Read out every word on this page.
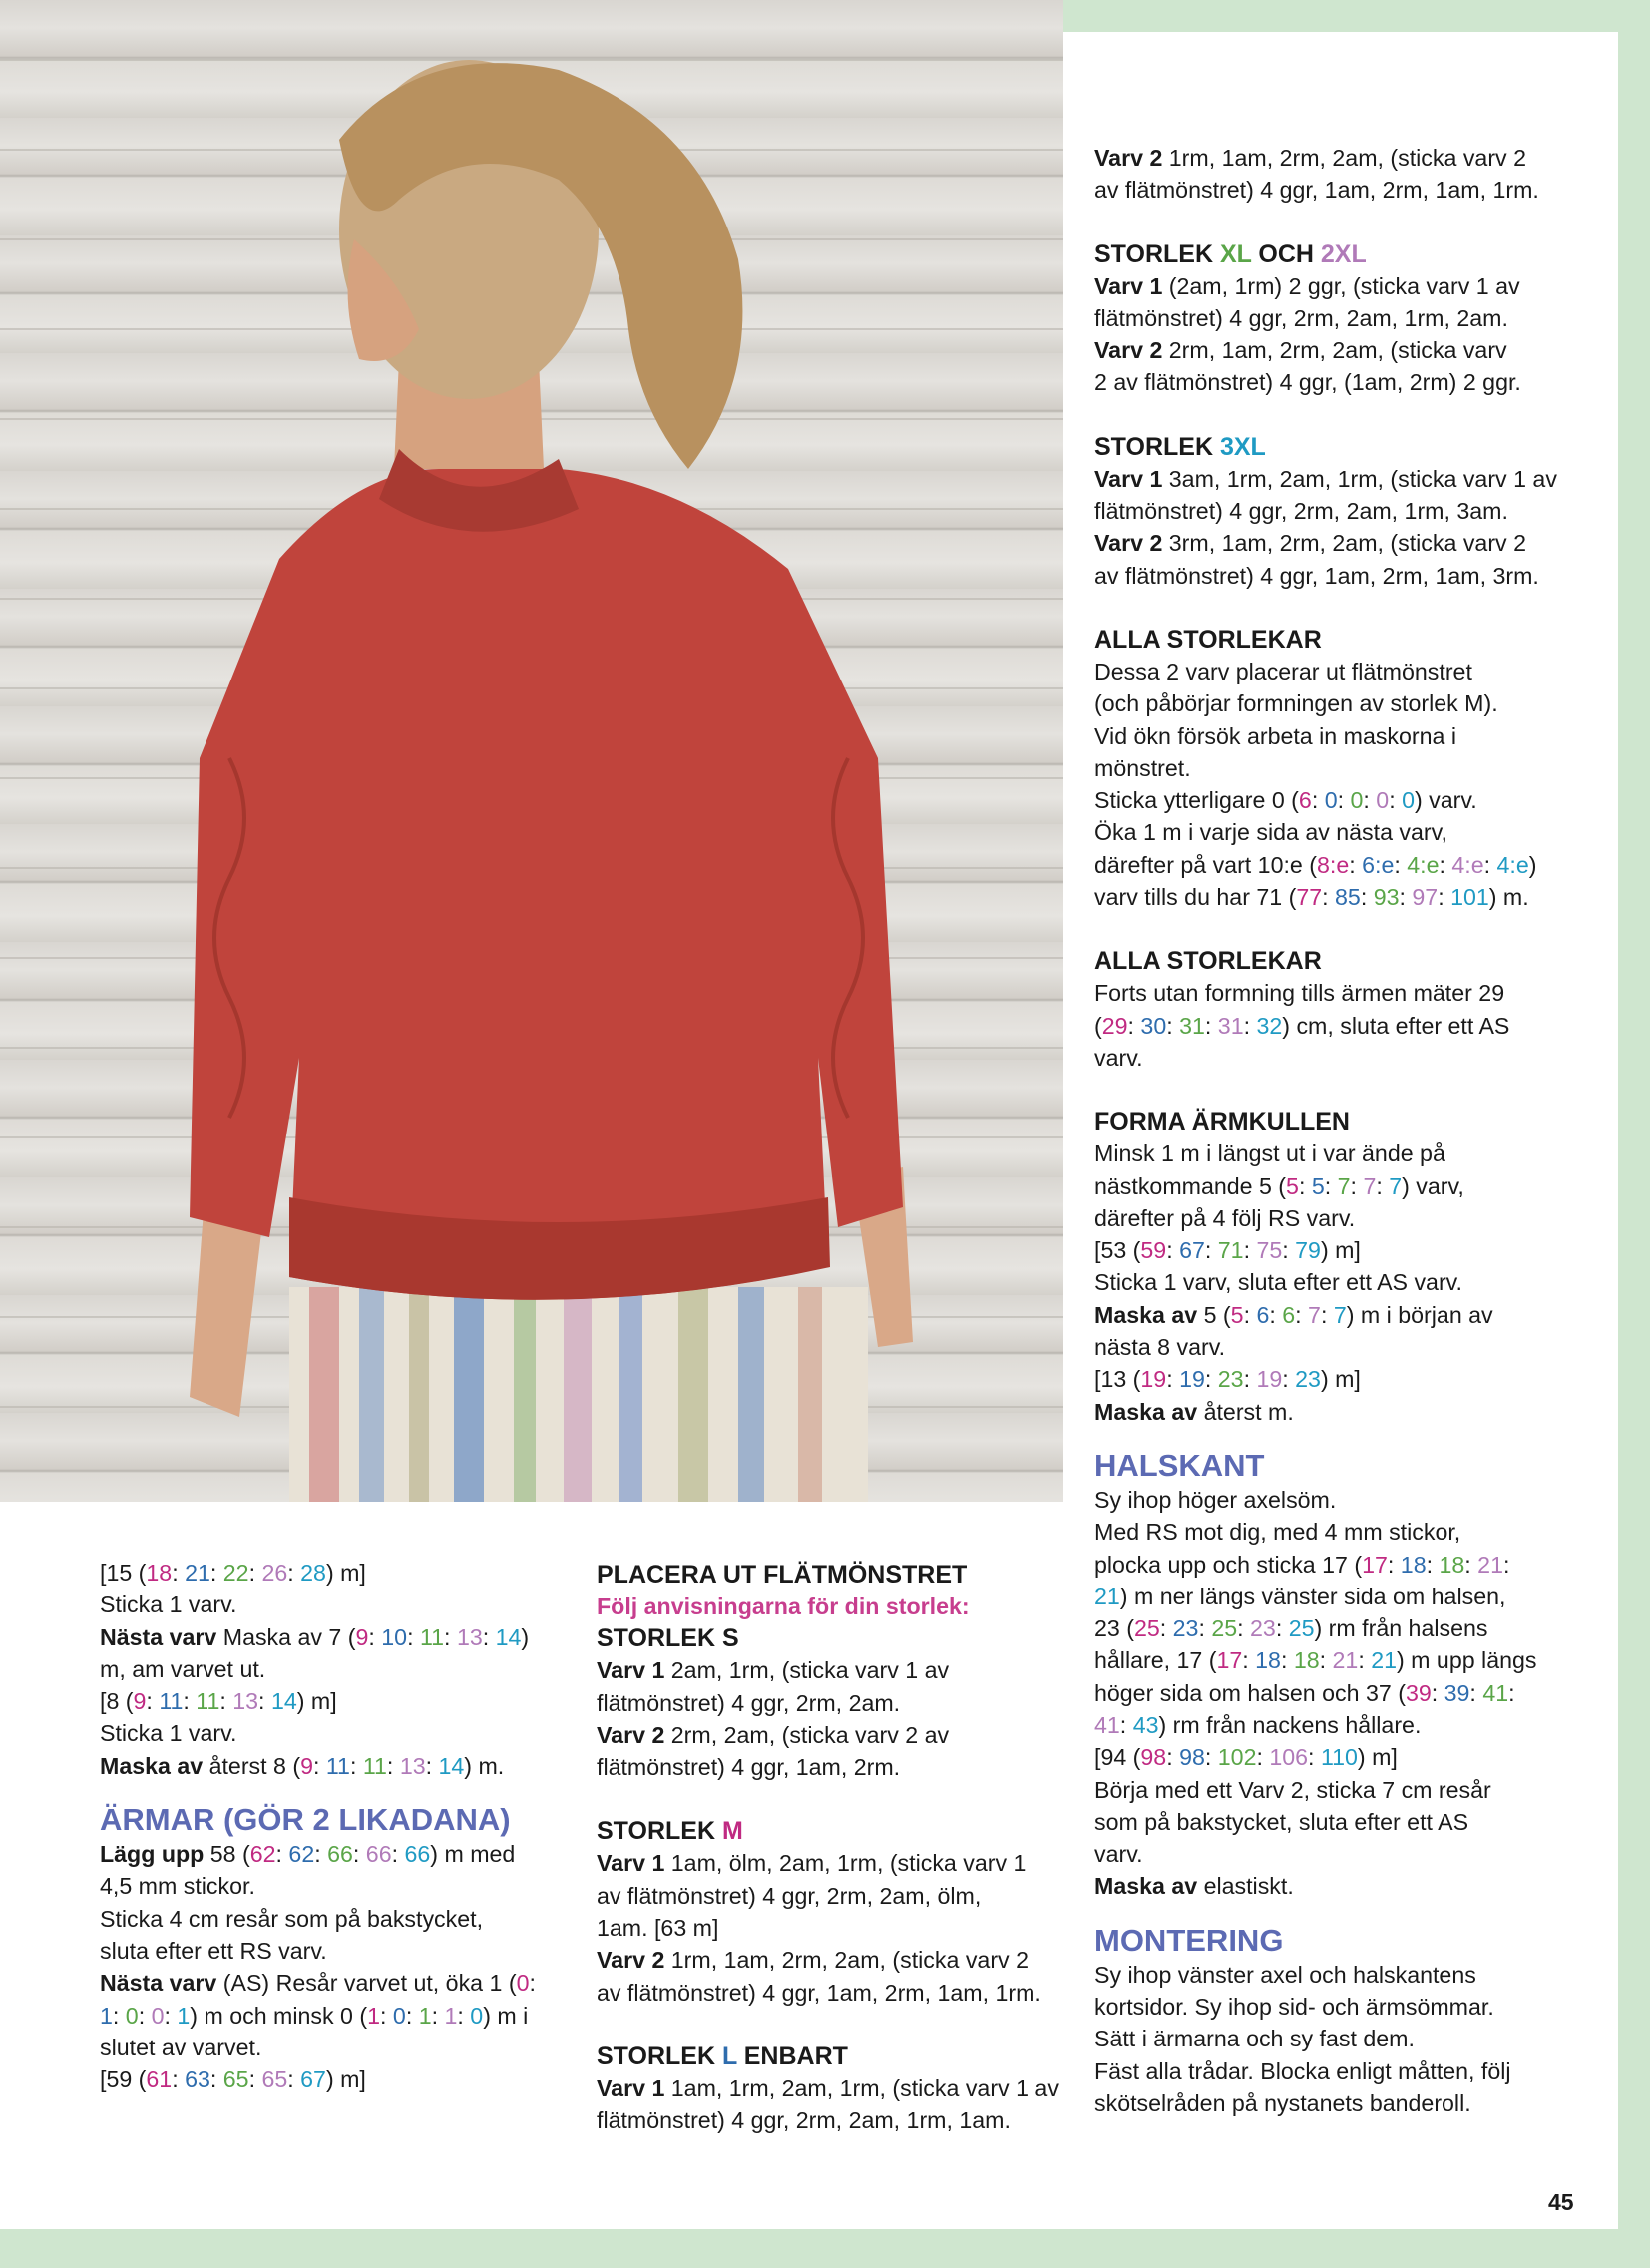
[15 (18: 21: 22: 26: 28) m]

Sticka 1 varv.

Nästa varv Maska av 7 (9: 10: 11: 13: 14)

m, am varvet ut.

[8 (9: 11: 11: 13: 14) m]

Sticka 1 varv.

Maska av återst 8 (9: 11: 11: 13: 14) m.

ÄRMAR (GÖR 2 LIKADANA)

Lägg upp 58 (62: 62: 66: 66: 66) m med

4,5 mm stickor.

Sticka 4 cm resår som på bakstycket,

sluta efter ett RS varv.

Nästa varv (AS) Resår varvet ut, öka 1 (0:

1: 0: 0: 1) m och minsk 0 (1: 0: 1: 1: 0) m i

slutet av varvet.

[59 (61: 63: 65: 65: 67) m]

PLACERA UT FLÄTMÖNSTRET

Följ anvisningarna för din storlek:

STORLEK S

Varv 1 2am, 1rm, (sticka varv 1 av

flätmönstret) 4 ggr, 2rm, 2am.

Varv 2 2rm, 2am, (sticka varv 2 av

flätmönstret) 4 ggr, 1am, 2rm.

STORLEK M

Varv 1 1am, ölm, 2am, 1rm, (sticka varv 1

av flätmönstret) 4 ggr, 2rm, 2am, ölm,

1am. [63 m]

Varv 2 1rm, 1am, 2rm, 2am, (sticka varv 2

av flätmönstret) 4 ggr, 1am, 2rm, 1am, 1rm.

STORLEK L ENBART

Varv 1 1am, 1rm, 2am, 1rm, (sticka varv 1 av

flätmönstret) 4 ggr, 2rm, 2am, 1rm, 1am.

Varv 2 1rm, 1am, 2rm, 2am, (sticka varv 2

av flätmönstret) 4 ggr, 1am, 2rm, 1am, 1rm.

STORLEK XL OCH 2XL

Varv 1 (2am, 1rm) 2 ggr, (sticka varv 1 av

flätmönstret) 4 ggr, 2rm, 2am, 1rm, 2am.

Varv 2 2rm, 1am, 2rm, 2am, (sticka varv

2 av flätmönstret) 4 ggr, (1am, 2rm) 2 ggr.

STORLEK 3XL

Varv 1 3am, 1rm, 2am, 1rm, (sticka varv 1 av

flätmönstret) 4 ggr, 2rm, 2am, 1rm, 3am.

Varv 2 3rm, 1am, 2rm, 2am, (sticka varv 2

av flätmönstret) 4 ggr, 1am, 2rm, 1am, 3rm.

ALLA STORLEKAR

Dessa 2 varv placerar ut flätmönstret

(och påbörjar formningen av storlek M).

Vid ökn försök arbeta in maskorna i

mönstret.

Sticka ytterligare 0 (6: 0: 0: 0: 0) varv.

Öka 1 m i varje sida av nästa varv,

därefter på vart 10:e (8:e: 6:e: 4:e: 4:e: 4:e)

varv tills du har 71 (77: 85: 93: 97: 101) m.

ALLA STORLEKAR

Forts utan formning tills ärmen mäter 29

(29: 30: 31: 31: 32) cm, sluta efter ett AS

varv.

FORMA ÄRMKULLEN

Minsk 1 m i längst ut i var ände på

nästkommande 5 (5: 5: 7: 7: 7) varv,

därefter på 4 följ RS varv.

[53 (59: 67: 71: 75: 79) m]

Sticka 1 varv, sluta efter ett AS varv.

Maska av 5 (5: 6: 6: 7: 7) m i början av

nästa 8 varv.

[13 (19: 19: 23: 19: 23) m]

Maska av återst m.

HALSKANT

Sy ihop höger axelsöm.

Med RS mot dig, med 4 mm stickor,

plocka upp och sticka 17 (17: 18: 18: 21:

21) m ner längs vänster sida om halsen,

23 (25: 23: 25: 23: 25) rm från halsens

hållare, 17 (17: 18: 18: 21: 21) m upp längs

höger sida om halsen och 37 (39: 39: 41:

41: 43) rm från nackens hållare.

[94 (98: 98: 102: 106: 110) m]

Börja med ett Varv 2, sticka 7 cm resår

som på bakstycket, sluta efter ett AS

varv.

Maska av elastiskt.

MONTERING

Sy ihop vänster axel och halskantens

kortsidor. Sy ihop sid- och ärmsömmar.

Sätt i ärmarna och sy fast dem.

Fäst alla trådar. Blocka enligt måtten, följ

skötselråden på nystanets banderoll.

45
